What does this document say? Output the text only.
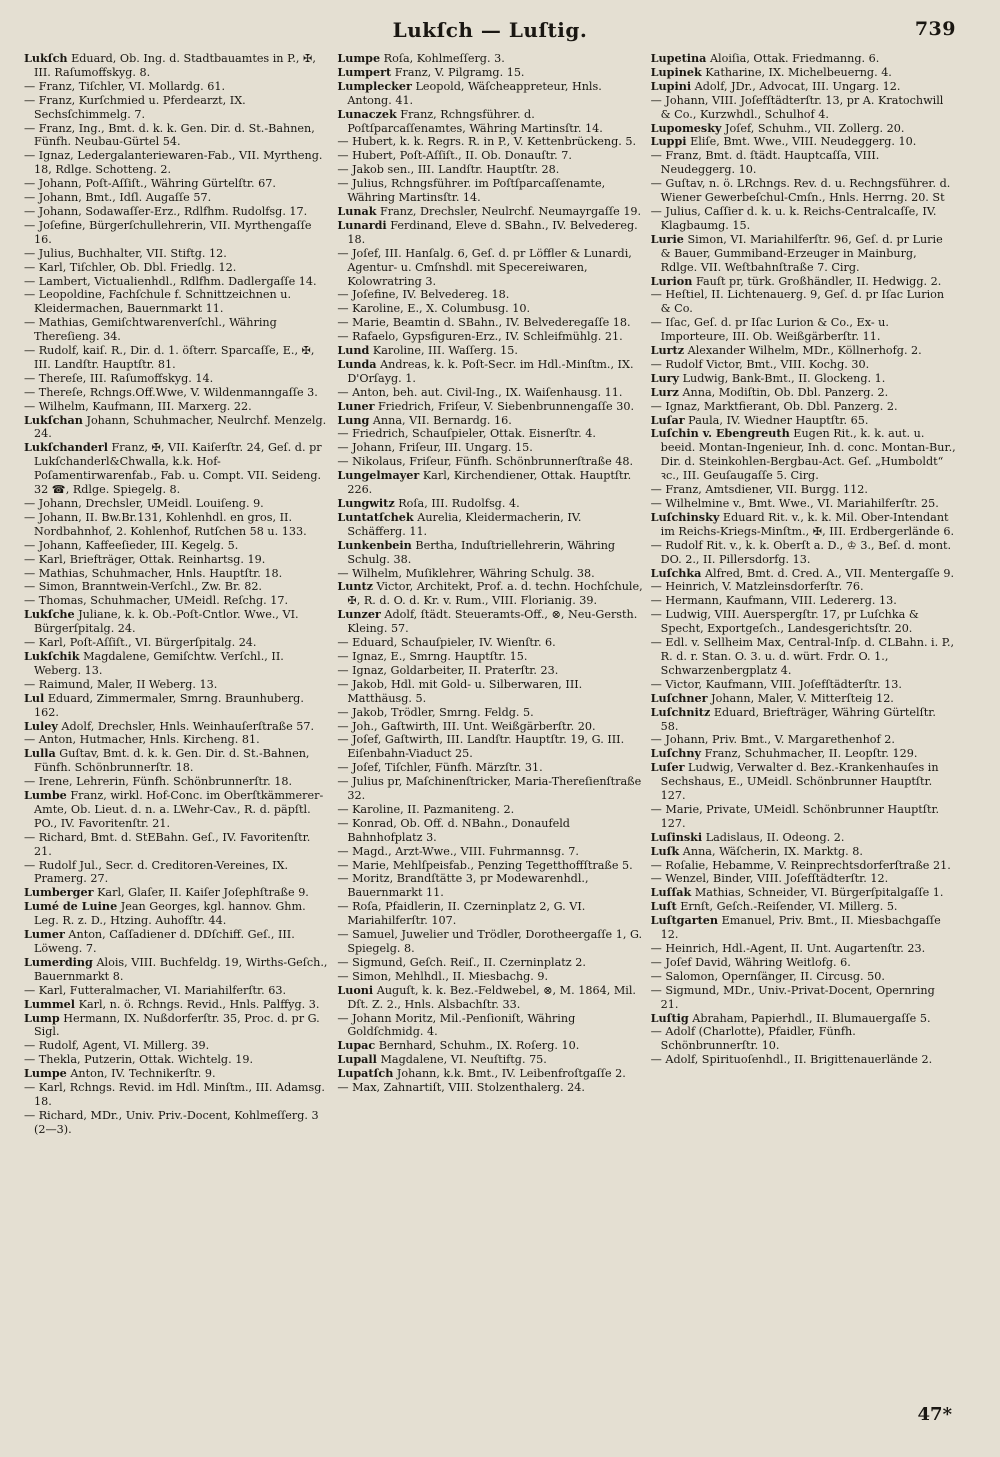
Lukſch — Luſtig.	739

Lukſch Eduard, Ob. Ing. d. Stadtbauamtes in P., ✠, III. Raſumoffskyg. 8.

— Franz, Tiſchler, VI. Mollardg. 61.

— Franz, Kurſchmied u. Pferdearzt, IX. Sechsſchimmelg. 7.

— Franz, Ing., Bmt. d. k. k. Gen. Dir. d. St.-Bahnen, Fünfh. Neubau-Gürtel 54.

— Ignaz, Ledergalanteriewaren-Fab., VII. Myrtheng. 18, Rdlge. Schotteng. 2.

— Johann, Poſt-Aſſiſt., Währing Gürtelſtr. 67.

— Johann, Bmt., Idſl. Augaſſe 57.

— Johann, Sodawaſſer-Erz., Rdlfhm. Rudolfsg. 17.

— Joſefine, Bürgerſchullehrerin, VII. Myrthengaſſe 16.

— Julius, Buchhalter, VII. Stiftg. 12.

— Karl, Tiſchler, Ob. Dbl. Friedlg. 12.

— Lambert, Victualienhdl., Rdlfhm. Dadlergaſſe 14.

— Leopoldine, Fachſchule f. Schnittzeichnen u. Kleidermachen, Bauernmarkt 11.

— Mathias, Gemiſchtwarenverſchl., Währing Thereſieng. 34.

— Rudolf, kaiſ. R., Dir. d. 1. öſterr. Sparcaſſe, E., ✠, III. Landſtr. Hauptſtr. 81.

— Thereſe, III. Raſumoffskyg. 14.

— Thereſe, Rchngs.Off.Wwe, V. Wildenmanngaſſe 3.

— Wilhelm, Kaufmann, III. Marxerg. 22.

Lukſchan Johann, Schuhmacher, Neulrchf. Menzelg. 24.

Lukſchanderl Franz, ✠, VII. Kaiſerſtr. 24, Geſ. d. pr Lukſchanderl&Chwalla, k.k. Hof-Poſamentirwarenfab., Fab. u. Compt. VII. Seideng. 32 ☎, Rdlge. Spiegelg. 8.

— Johann, Drechsler, UMeidl. Louiſeng. 9.

— Johann, II. Bw.Br.131, Kohlenhdl. en gros, II. Nordbahnhof, 2. Kohlenhof, Rutſchen 58 u. 133.

— Johann, Kaffeeſieder, III. Kegelg. 5.

— Karl, Briefträger, Ottak. Reinhartsg. 19.

— Mathias, Schuhmacher, Hnls. Hauptſtr. 18.

— Simon, Branntwein-Verſchl., Zw. Br. 82.

— Thomas, Schuhmacher, UMeidl. Reſchg. 17.

Lukſche Juliane, k. k. Ob.-Poſt-Cntlor. Wwe., VI. Bürgerſpitalg. 24.

— Karl, Poſt-Aſſiſt., VI. Bürgerſpitalg. 24.

Lukſchik Magdalene, Gemiſchtw. Verſchl., II. Weberg. 13.

— Raimund, Maler, II Weberg. 13.

Lul Eduard, Zimmermaler, Smrng. Braunhuberg. 162.

Luley Adolf, Drechsler, Hnls. Weinhauſerſtraße 57.

— Anton, Hutmacher, Hnls. Kircheng. 81.

Lulla Guſtav, Bmt. d. k. k. Gen. Dir. d. St.-Bahnen, Fünfh. Schönbrunnerſtr. 18.

— Irene, Lehrerin, Fünfh. Schönbrunnerſtr. 18.

Lumbe Franz, wirkl. Hof-Conc. im Oberſtkämmerer-Amte, Ob. Lieut. d. n. a. LWehr-Cav., R. d. päpſtl. PO., IV. Favoritenſtr. 21.

— Richard, Bmt. d. StEBahn. Geſ., IV. Favoritenſtr. 21.

— Rudolf Jul., Secr. d. Creditoren-Vereines, IX. Pramerg. 27.

Lumberger Karl, Glaſer, II. Kaiſer Joſephſtraße 9.

Lumé de Luine Jean Georges, kgl. hannov. Ghm. Leg. R. z. D., Htzing. Auhofſtr. 44.

Lumer Anton, Caſſadiener d. DDſchiff. Geſ., III. Löweng. 7.

Lumerding Alois, VIII. Buchfeldg. 19, Wirths-Geſch., Bauernmarkt 8.

— Karl, Futteralmacher, VI. Mariahilferſtr. 63.

Lummel Karl, n. ö. Rchngs. Revid., Hnls. Palffyg. 3.

Lump Hermann, IX. Nußdorferſtr. 35, Proc. d. pr G. Sigl.

— Rudolf, Agent, VI. Millerg. 39.

— Thekla, Putzerin, Ottak. Wichtelg. 19.

Lumpe Anton, IV. Technikerſtr. 9.

— Karl, Rchngs. Revid. im Hdl. Minſtm., III. Adamsg. 18.

— Richard, MDr., Univ. Priv.-Docent, Kohlmeſſerg. 3 (2—3).

Lumpe Roſa, Kohlmeſſerg. 3.

Lumpert Franz, V. Pilgramg. 15.

Lumplecker Leopold, Wäſcheappreteur, Hnls. Antong. 41.

Lunaczek Franz, Rchngsführer. d. Poſtſparcaſſenamtes, Währing Martinsſtr. 14.

— Hubert, k. k. Regrs. R. in P., V. Kettenbrückeng. 5.

— Hubert, Poſt-Aſſiſt., II. Ob. Donauſtr. 7.

— Jakob sen., III. Landſtr. Hauptſtr. 28.

— Julius, Rchngsführer. im Poſtſparcaſſenamte, Währing Martinsſtr. 14.

Lunak Franz, Drechsler, Neulrchf. Neumayrgaſſe 19.

Lunardi Ferdinand, Eleve d. SBahn., IV. Belvedereg. 18.

— Joſef, III. Hanſalg. 6, Geſ. d. pr Löffler & Lunardi, Agentur- u. Cmſnshdl. mit Specereiwaren, Kolowratring 3.

— Joſefine, IV. Belvedereg. 18.

— Karoline, E., X. Columbusg. 10.

— Marie, Beamtin d. SBahn., IV. Belvederegaſſe 18.

— Rafaelo, Gypsfiguren-Erz., IV. Schleifmühlg. 21.

Lund Karoline, III. Waſſerg. 15.

Lunda Andreas, k. k. Poſt-Secr. im Hdl.-Minſtm., IX. D'Orſayg. 1.

— Anton, beh. aut. Civil-Ing., IX. Waiſenhausg. 11.

Luner Friedrich, Friſeur, V. Siebenbrunnengaſſe 30.

Lung Anna, VII. Bernardg. 16.

— Friedrich, Schauſpieler, Ottak. Eisnerſtr. 4.

— Johann, Friſeur, III. Ungarg. 15.

— Nikolaus, Friſeur, Fünfh. Schönbrunnerſtraße 48.

Lungelmayer Karl, Kirchendiener, Ottak. Hauptſtr. 226.

Lungwitz Roſa, III. Rudolfsg. 4.

Luntatſchek Aurelia, Kleidermacherin, IV. Schäfferg. 11.

Lunkenbein Bertha, Induſtriellehrerin, Währing Schulg. 38.

— Wilhelm, Muſiklehrer, Währing Schulg. 38.

Luntz Victor, Architekt, Prof. a. d. techn. Hochſchule, ✠, R. d. O. d. Kr. v. Rum., VIII. Florianig. 39.

Lunzer Adolf, ſtädt. Steueramts-Off., ⊗, Neu-Gersth. Kleing. 57.

— Eduard, Schauſpieler, IV. Wienſtr. 6.

— Ignaz, E., Smrng. Hauptſtr. 15.

— Ignaz, Goldarbeiter, II. Praterſtr. 23.

— Jakob, Hdl. mit Gold- u. Silberwaren, III. Matthäusg. 5.

— Jakob, Trödler, Smrng. Feldg. 5.

— Joh., Gaſtwirth, III. Unt. Weißgärberſtr. 20.

— Joſef, Gaſtwirth, III. Landſtr. Hauptſtr. 19, G. III. Eiſenbahn-Viaduct 25.

— Joſef, Tiſchler, Fünfh. Märzſtr. 31.

— Julius pr, Maſchinenſtricker, Maria-Thereſienſtraße 32.

— Karoline, II. Pazmaniteng. 2.

— Konrad, Ob. Off. d. NBahn., Donaufeld Bahnhofplatz 3.

— Magd., Arzt-Wwe., VIII. Fuhrmannsg. 7.

— Marie, Mehlſpeisfab., Penzing Tegetthoffſtraße 5.

— Moritz, Brandſtätte 3, pr Modewarenhdl., Bauernmarkt 11.

— Roſa, Pfaidlerin, II. Czerninplatz 2, G. VI. Mariahilferſtr. 107.

— Samuel, Juwelier und Trödler, Dorotheergaſſe 1, G. Spiegelg. 8.

— Sigmund, Geſch. Reiſ., II. Czerninplatz 2.

— Simon, Mehlhdl., II. Miesbachg. 9.

Luoni Auguſt, k. k. Bez.-Feldwebel, ⊗, M. 1864, Mil. Dſt. Z. 2., Hnls. Alsbachſtr. 33.

— Johann Moritz, Mil.-Penſioniſt, Währing Goldſchmidg. 4.

Lupac Bernhard, Schuhm., IX. Roſerg. 10.

Lupall Magdalene, VI. Neuſtiftg. 75.

Lupatſch Johann, k.k. Bmt., IV. Leibenfroſtgaſſe 2.

— Max, Zahnartiſt, VIII. Stolzenthalerg. 24.

Lupetina Aloiſia, Ottak. Friedmanng. 6.

Lupinek Katharine, IX. Michelbeuerng. 4.

Lupini Adolf, JDr., Advocat, III. Ungarg. 12.

— Johann, VIII. Joſefſtädterſtr. 13, pr A. Kratochwill & Co., Kurzwhdl., Schulhof 4.

Lupomesky Joſef, Schuhm., VII. Zollerg. 20.

Luppi Eliſe, Bmt. Wwe., VIII. Neudeggerg. 10.

— Franz, Bmt. d. ſtädt. Hauptcaſſa, VIII. Neudeggerg. 10.

— Guſtav, n. ö. LRchngs. Rev. d. u. Rechngsführer. d. Wiener Gewerbeſchul-Cmſn., Hnls. Herrng. 20. St

— Julius, Caſſier d. k. u. k. Reichs-Centralcaſſe, IV. Klagbaumg. 15.

Lurie Simon, VI. Mariahilferſtr. 96, Geſ. d. pr Lurie & Bauer, Gummiband-Erzeuger in Mainburg, Rdlge. VII. Weſtbahnſtraße 7. Cirg.

Lurion Fauſt pr, türk. Großhändler, II. Hedwigg. 2.

— Heſtiel, II. Lichtenauerg. 9, Geſ. d. pr Iſac Lurion & Co.

— Iſac, Geſ. d. pr Iſac Lurion & Co., Ex- u. Importeure, III. Ob. Weißgärberſtr. 11.

Lurtz Alexander Wilhelm, MDr., Köllnerhofg. 2.

— Rudolf Victor, Bmt., VIII. Kochg. 30.

Lury Ludwig, Bank-Bmt., II. Glockeng. 1.

Lurz Anna, Modiſtin, Ob. Dbl. Panzerg. 2.

— Ignaz, Marktfierant, Ob. Dbl. Panzerg. 2.

Luſar Paula, IV. Wiedner Hauptſtr. 65.

Luſchin v. Ebengreuth Eugen Rit., k. k. aut. u. beeid. Montan-Ingenieur, Inh. d. conc. Montan-Bur., Dir. d. Steinkohlen-Bergbau-Act. Geſ. „Humboldt“ ꝛc., III. Geuſaugaſſe 5. Cirg.

— Franz, Amtsdiener, VII. Burgg. 112.

— Wilhelmine v., Bmt. Wwe., VI. Mariahilferſtr. 25.

Luſchinsky Eduard Rit. v., k. k. Mil. Ober-Intendant im Reichs-Kriegs-Minſtm., ✠, III. Erdbergerlände 6.

— Rudolf Rit. v., k. k. Oberſt a. D., ♔ 3., Beſ. d. mont. DO. 2., II. Pillersdorfg. 13.

Luſchka Alfred, Bmt. d. Cred. A., VII. Mentergaſſe 9.

— Heinrich, V. Matzleinsdorferſtr. 76.

— Hermann, Kaufmann, VIII. Ledererg. 13.

— Ludwig, VIII. Auerspergſtr. 17, pr Luſchka & Specht, Exportgeſch., Landesgerichtsſtr. 20.

— Edl. v. Sellheim Max, Central-Inſp. d. CLBahn. i. P., R. d. r. Stan. O. 3. u. d. würt. Frdr. O. 1., Schwarzenbergplatz 4.

— Victor, Kaufmann, VIII. Joſefſtädterſtr. 13.

Luſchner Johann, Maler, V. Mitterſteig 12.

Luſchnitz Eduard, Briefträger, Währing Gürtelſtr. 58.

— Johann, Priv. Bmt., V. Margarethenhof 2.

Luſchny Franz, Schuhmacher, II. Leopſtr. 129.

Luſer Ludwig, Verwalter d. Bez.-Krankenhauſes in Sechshaus, E., UMeidl. Schönbrunner Hauptſtr. 127.

— Marie, Private, UMeidl. Schönbrunner Hauptſtr. 127.

Luſinski Ladislaus, II. Odeong. 2.

Luſk Anna, Wäſcherin, IX. Marktg. 8.

— Roſalie, Hebamme, V. Reinprechtsdorferſtraße 21.

— Wenzel, Binder, VIII. Joſefſtädterſtr. 12.

Luſſak Mathias, Schneider, VI. Bürgerſpitalgaſſe 1.

Luſt Ernſt, Geſch.-Reiſender, VI. Millerg. 5.

Luſtgarten Emanuel, Priv. Bmt., II. Miesbachgaſſe 12.

— Heinrich, Hdl.-Agent, II. Unt. Augartenſtr. 23.

— Joſef David, Währing Weitlofg. 6.

— Salomon, Opernſänger, II. Circusg. 50.

— Sigmund, MDr., Univ.-Privat-Docent, Opernring 21.

Luſtig Abraham, Papierhdl., II. Blumauergaſſe 5.

— Adolf (Charlotte), Pfaidler, Fünfh. Schönbrunnerſtr. 10.

— Adolf, Spirituoſenhdl., II. Brigittenauerlände 2.

47*
